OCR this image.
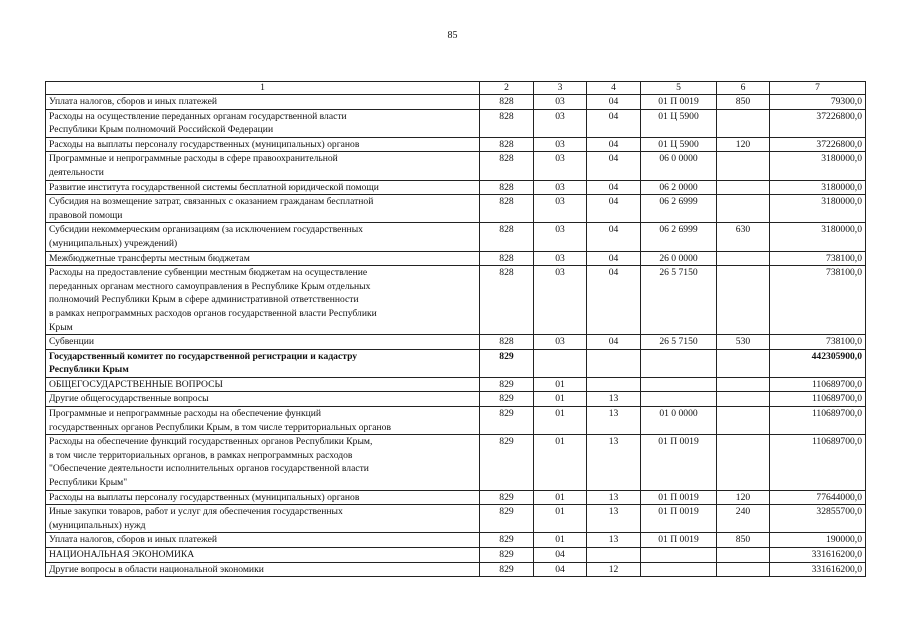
85
1	2	3	4	5	6	7
Уплата налогов, сборов и иных платежей	828	03	04	01 П 0019	850	79300,0
Расходы на осуществление переданных органам государственной власти
Республики Крым полномочий Российской Федерации	828	03	04	01 Ц 5900		37226800,0
Расходы на выплаты персоналу государственных (муниципальных) органов	828	03	04	01 Ц 5900	120	37226800,0
Программные и непрограммные расходы в сфере правоохранительной
деятельности	828	03	04	06 0 0000		3180000,0
Развитие института государственной системы бесплатной юридической помощи	828	03	04	06 2 0000		3180000,0
Субсидия на возмещение затрат, связанных с оказанием гражданам бесплатной
правовой помощи	828	03	04	06 2 6999		3180000,0
Субсидии некоммерческим организациям (за исключением государственных
(муниципальных) учреждений)	828	03	04	06 2 6999	630	3180000,0
Межбюджетные трансферты местным бюджетам	828	03	04	26 0 0000		738100,0
Расходы на предоставление субвенции местным бюджетам на осуществление
переданных органам местного самоуправления в Республике Крым отдельных
полномочий Республики Крым в сфере административной ответственности
в рамках непрограммных расходов органов государственной власти Республики
Крым	828	03	04	26 5 7150		738100,0
Субвенции	828	03	04	26 5 7150	530	738100,0
Государственный комитет по государственной регистрации и кадастру
Республики Крым	829					442305900,0
ОБЩЕГОСУДАРСТВЕННЫЕ ВОПРОСЫ	829	01				110689700,0
Другие общегосударственные вопросы	829	01	13			110689700,0
Программные и непрограммные расходы на обеспечение функций
государственных органов Республики Крым, в том числе территориальных органов	829	01	13	01 0 0000		110689700,0
Расходы на обеспечение функций государственных органов Республики Крым,
в том числе территориальных органов, в рамках непрограммных расходов
"Обеспечение деятельности исполнительных органов государственной власти
Республики Крым"	829	01	13	01 П 0019		110689700,0
Расходы на выплаты персоналу государственных (муниципальных) органов	829	01	13	01 П 0019	120	77644000,0
Иные закупки товаров, работ и услуг для обеспечения государственных
(муниципальных) нужд	829	01	13	01 П 0019	240	32855700,0
Уплата налогов, сборов и иных платежей	829	01	13	01 П 0019	850	190000,0
НАЦИОНАЛЬНАЯ ЭКОНОМИКА	829	04				331616200,0
Другие вопросы в области национальной экономики	829	04	12			331616200,0
